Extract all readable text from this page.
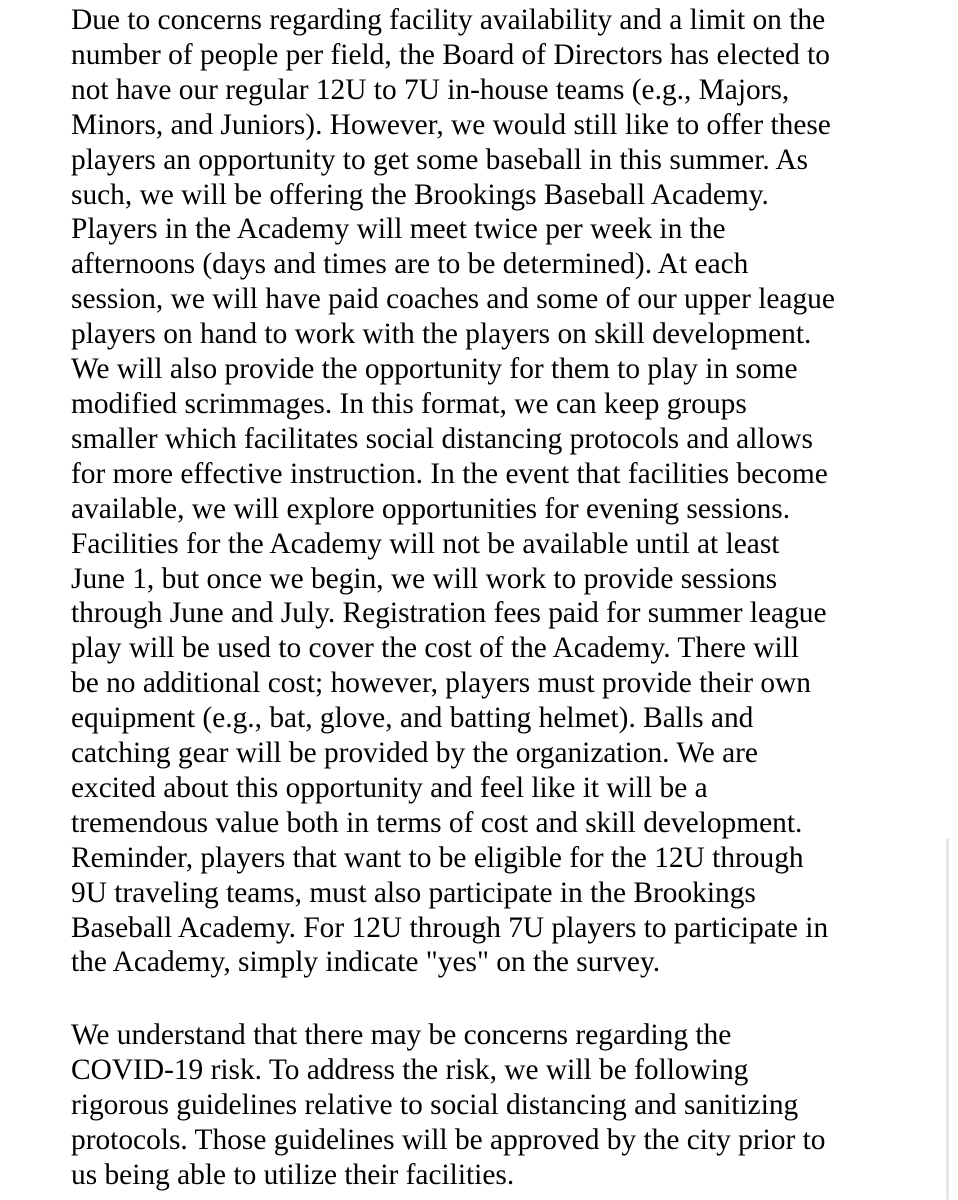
Due to concerns regarding facility availability and a limit on the
number of people per field, the Board of Directors has elected to
not have our regular 12U to 7U in-house teams (e.g., Majors,
Minors, and Juniors). However, we would still like to offer these
players an opportunity to get some baseball in this summer. As
such, we will be offering the Brookings Baseball Academy.
Players in the Academy will meet twice per week in the
afternoons (days and times are to be determined). At each
session, we will have paid coaches and some of our upper league
players on hand to work with the players on skill development.
We will also provide the opportunity for them to play in some
modified scrimmages. In this format, we can keep groups
smaller which facilitates social distancing protocols and allows
for more effective instruction. In the event that facilities become
available, we will explore opportunities for evening sessions.
Facilities for the Academy will not be available until at least
June 1, but once we begin, we will work to provide sessions
through June and July. Registration fees paid for summer league
play will be used to cover the cost of the Academy. There will
be no additional cost; however, players must provide their own
equipment (e.g., bat, glove, and batting helmet). Balls and
catching gear will be provided by the organization. We are
excited about this opportunity and feel like it will be a
tremendous value both in terms of cost and skill development.
Reminder, players that want to be eligible for the 12U through
9U traveling teams, must also participate in the Brookings
Baseball Academy. For 12U through 7U players to participate in
the Academy, simply indicate "yes" on the survey.

We understand that there may be concerns regarding the
COVID-19 risk. To address the risk, we will be following
rigorous guidelines relative to social distancing and sanitizing
protocols. Those guidelines will be approved by the city prior to
us being able to utilize their facilities.
